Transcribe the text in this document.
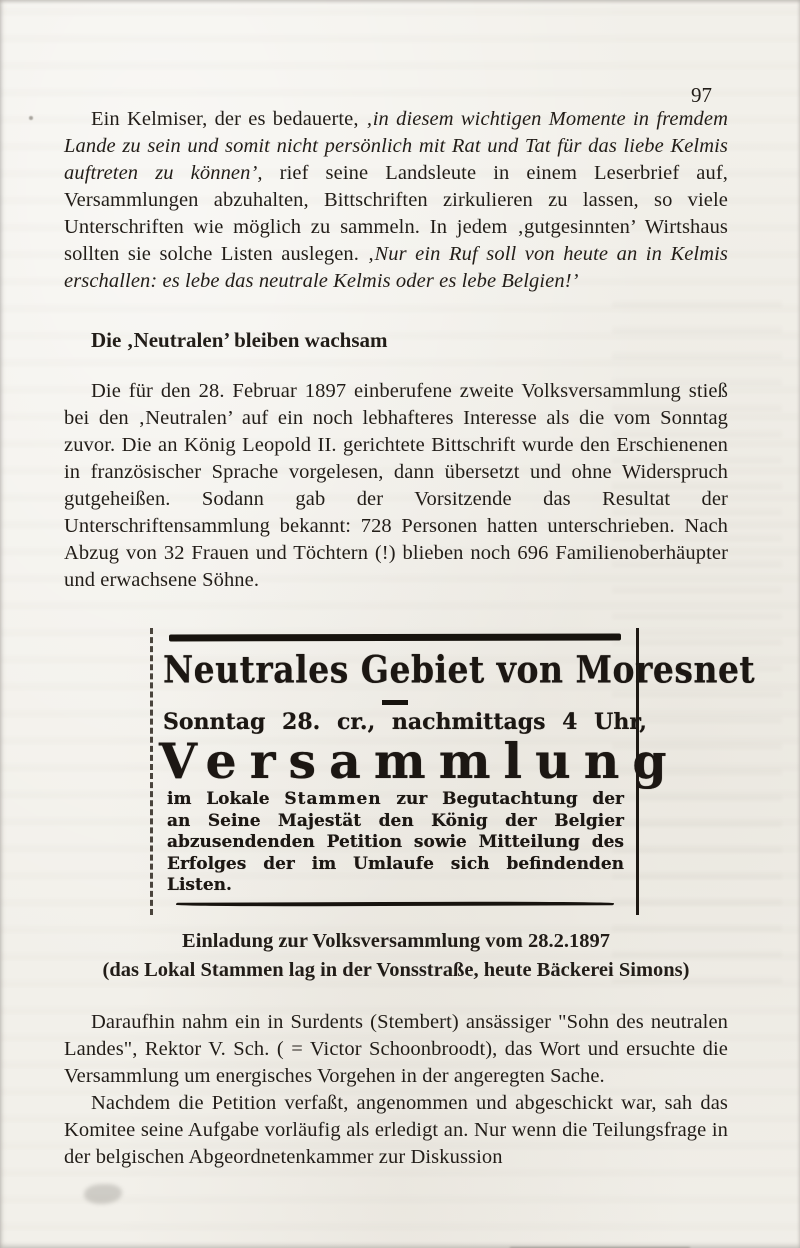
97

Ein Kelmiser, der es bedauerte, ‚in diesem wichtigen Momente in fremdem Lande zu sein und somit nicht persönlich mit Rat und Tat für das liebe Kelmis auftreten zu können’, rief seine Landsleute in einem Leserbrief auf, Versammlungen abzuhalten, Bittschriften zirkulieren zu lassen, so viele Unterschriften wie möglich zu sammeln. In jedem ‚gutgesinnten’ Wirtshaus sollten sie solche Listen auslegen. ‚Nur ein Ruf soll von heute an in Kelmis erschallen: es lebe das neutrale Kelmis oder es lebe Belgien!’

Die ‚Neutralen’ bleiben wachsam

Die für den 28. Februar 1897 einberufene zweite Volksversammlung stieß bei den ‚Neutralen’ auf ein noch lebhafteres Interesse als die vom Sonntag zuvor. Die an König Leopold II. gerichtete Bittschrift wurde den Erschienenen in französischer Sprache vorgelesen, dann übersetzt und ohne Widerspruch gutgeheißen. Sodann gab der Vorsitzende das Resultat der Unterschriftensammlung bekannt: 728 Personen hatten unterschrieben. Nach Abzug von 32 Frauen und Töchtern (!) blieben noch 696 Familienoberhäupter und erwachsene Söhne.

Neutrales Gebiet von Moresnet
Sonntag 28. cr., nachmittags 4 Uhr,
Versammlung

im Lokale Stammen zur Begutachtung der an Seine Majestät den König der Belgier abzusendenden Petition sowie Mitteilung des Erfolges der im Umlaufe sich befindenden Listen.

Einladung zur Volksversammlung vom 28.2.1897
(das Lokal Stammen lag in der Vonsstraße, heute Bäckerei Simons)

Daraufhin nahm ein in Surdents (Stembert) ansässiger "Sohn des neutralen Landes", Rektor V. Sch. ( = Victor Schoonbroodt), das Wort und ersuchte die Versammlung um energisches Vorgehen in der angeregten Sache.

Nachdem die Petition verfaßt, angenommen und abgeschickt war, sah das Komitee seine Aufgabe vorläufig als erledigt an. Nur wenn die Teilungsfrage in der belgischen Abgeordnetenkammer zur Diskussion
